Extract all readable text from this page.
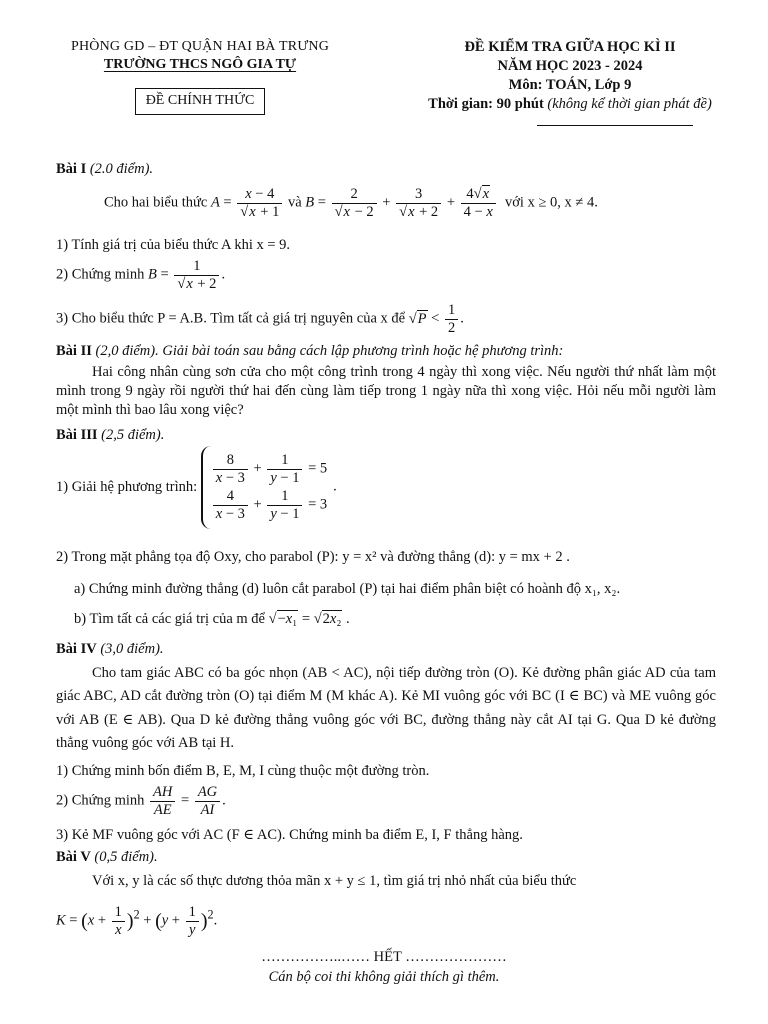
PHÒNG GD – ĐT QUẬN HAI BÀ TRƯNG
TRƯỜNG THCS NGÔ GIA TỰ
ĐỀ CHÍNH THỨC
ĐỀ KIỂM TRA GIỮA HỌC KÌ II
NĂM HỌC 2023 - 2024
Môn: TOÁN, Lớp 9
Thời gian: 90 phút (không kể thời gian phát đề)
Bài I (2.0 điểm).
Cho hai biểu thức $A = \frac{x - 4}{√x + 1}$ và $B = \frac{2}{√x - 2} + \frac{3}{√x + 2} + \frac{4√x}{4 - x}$ với x ≥ 0, x ≠ 4.
1) Tính giá trị của biểu thức A khi x = 9.
2) Chứng minh $B = \frac{1}{√x + 2}$ .
3) Cho biểu thức P = A.B. Tìm tất cả giá trị nguyên của x để $√P < \frac{1}{2}$ .
Bài II (2,0 điểm). Giải bài toán sau bằng cách lập phương trình hoặc hệ phương trình:
Hai công nhân cùng sơn cửa cho một công trình trong 4 ngày thì xong việc. Nếu người thứ nhất làm một mình trong 9 ngày rồi người thứ hai đến cùng làm tiếp trong 1 ngày nữa thì xong việc. Hỏi nếu mỗi người làm một mình thì bao lâu xong việc?
Bài III (2,5 điểm).
1) Giải hệ phương trình:
$\frac{8}{x - 3} + \frac{1}{y - 1} = 5$
$\frac{4}{x - 3} + \frac{1}{y - 1} = 3$
.
2) Trong mặt phẳng tọa độ Oxy, cho parabol (P): y = x² và đường thẳng (d): y = mx + 2 .
a) Chứng minh đường thẳng (d) luôn cắt parabol (P) tại hai điểm phân biệt có hoành độ x₁, x₂.
b) Tìm tất cả các giá trị của m để √−x₁ = √2x₂ .
Bài IV (3,0 điểm).
Cho tam giác ABC có ba góc nhọn (AB < AC), nội tiếp đường tròn (O). Kẻ đường phân giác AD của tam giác ABC, AD cắt đường tròn (O) tại điểm M (M khác A). Kẻ MI vuông góc với BC (I ∈ BC) và ME vuông góc với AB (E ∈ AB). Qua D kẻ đường thẳng vuông góc với BC, đường thẳng này cắt AI tại G. Qua D kẻ đường thẳng vuông góc với AB tại H.
1) Chứng minh bốn điểm B, E, M, I cùng thuộc một đường tròn.
2) Chứng minh $\frac{AH}{AE} = \frac{AG}{AI}$ .
3) Kẻ MF vuông góc với AC (F ∈ AC). Chứng minh ba điểm E, I, F thẳng hàng.
Bài V (0,5 điểm).
Với x, y là các số thực dương thỏa mãn x + y ≤ 1, tìm giá trị nhỏ nhất của biểu thức
$K = (x + \frac{1}{x} )^2 + (y + \frac{1}{y} )^2$.
……………..…… HẾT …………………
Cán bộ coi thi không giải thích gì thêm.
